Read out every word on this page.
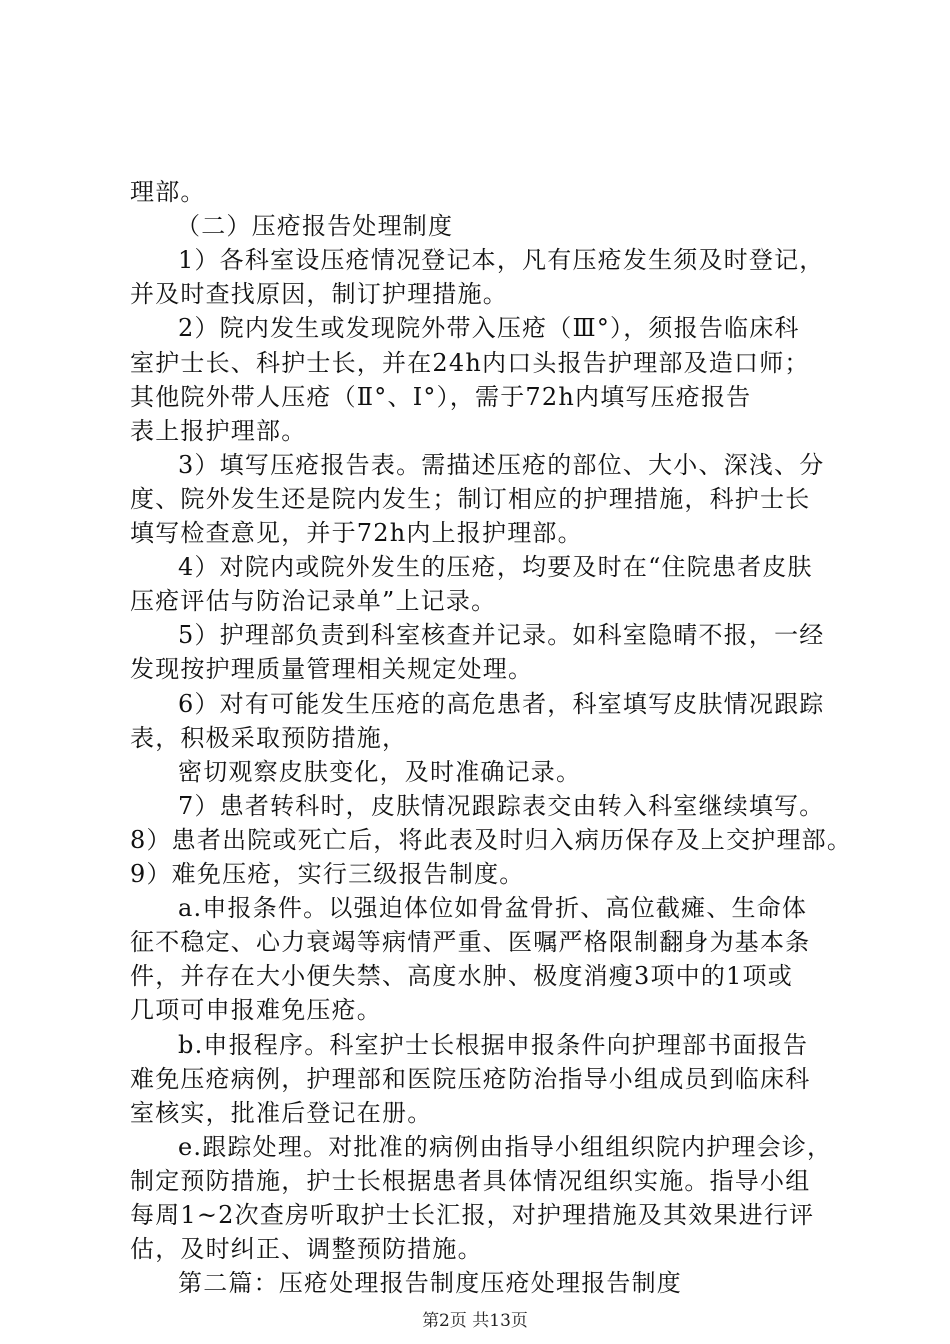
理部。
（二）压疮报告处理制度
1）各科室设压疮情况登记本，凡有压疮发生须及时登记，
并及时查找原因，制订护理措施。
2）院内发生或发现院外带入压疮（Ⅲ°），须报告临床科
室护士长、科护士长，并在24h内口头报告护理部及造口师；
其他院外带人压疮（Ⅱ°、Ⅰ°），需于72h内填写压疮报告
表上报护理部。
3）填写压疮报告表。需描述压疮的部位、大小、深浅、分
度、院外发生还是院内发生；制订相应的护理措施，科护士长
填写检查意见，并于72h内上报护理部。
4）对院内或院外发生的压疮，均要及时在“住院患者皮肤
压疮评估与防治记录单”上记录。
5）护理部负责到科室核查并记录。如科室隐晴不报，一经
发现按护理质量管理相关规定处理。
6）对有可能发生压疮的高危患者，科室填写皮肤情况跟踪
表，积极采取预防措施，
密切观察皮肤变化，及时准确记录。
7）患者转科时，皮肤情况跟踪表交由转入科室继续填写。
8）患者出院或死亡后，将此表及时归入病历保存及上交护理部。
9）难免压疮，实行三级报告制度。
a.申报条件。以强迫体位如骨盆骨折、高位截瘫、生命体
征不稳定、心力衰竭等病情严重、医嘱严格限制翻身为基本条
件，并存在大小便失禁、高度水肿、极度消瘦3项中的1项或
几项可申报难免压疮。
b.申报程序。科室护士长根据申报条件向护理部书面报告
难免压疮病例，护理部和医院压疮防治指导小组成员到临床科
室核实，批准后登记在册。
e.跟踪处理。对批准的病例由指导小组组织院内护理会诊，
制定预防措施，护士长根据患者具体情况组织实施。指导小组
每周1~2次查房听取护士长汇报，对护理措施及其效果进行评
估，及时纠正、调整预防措施。
第二篇：压疮处理报告制度压疮处理报告制度
第2页 共13页
